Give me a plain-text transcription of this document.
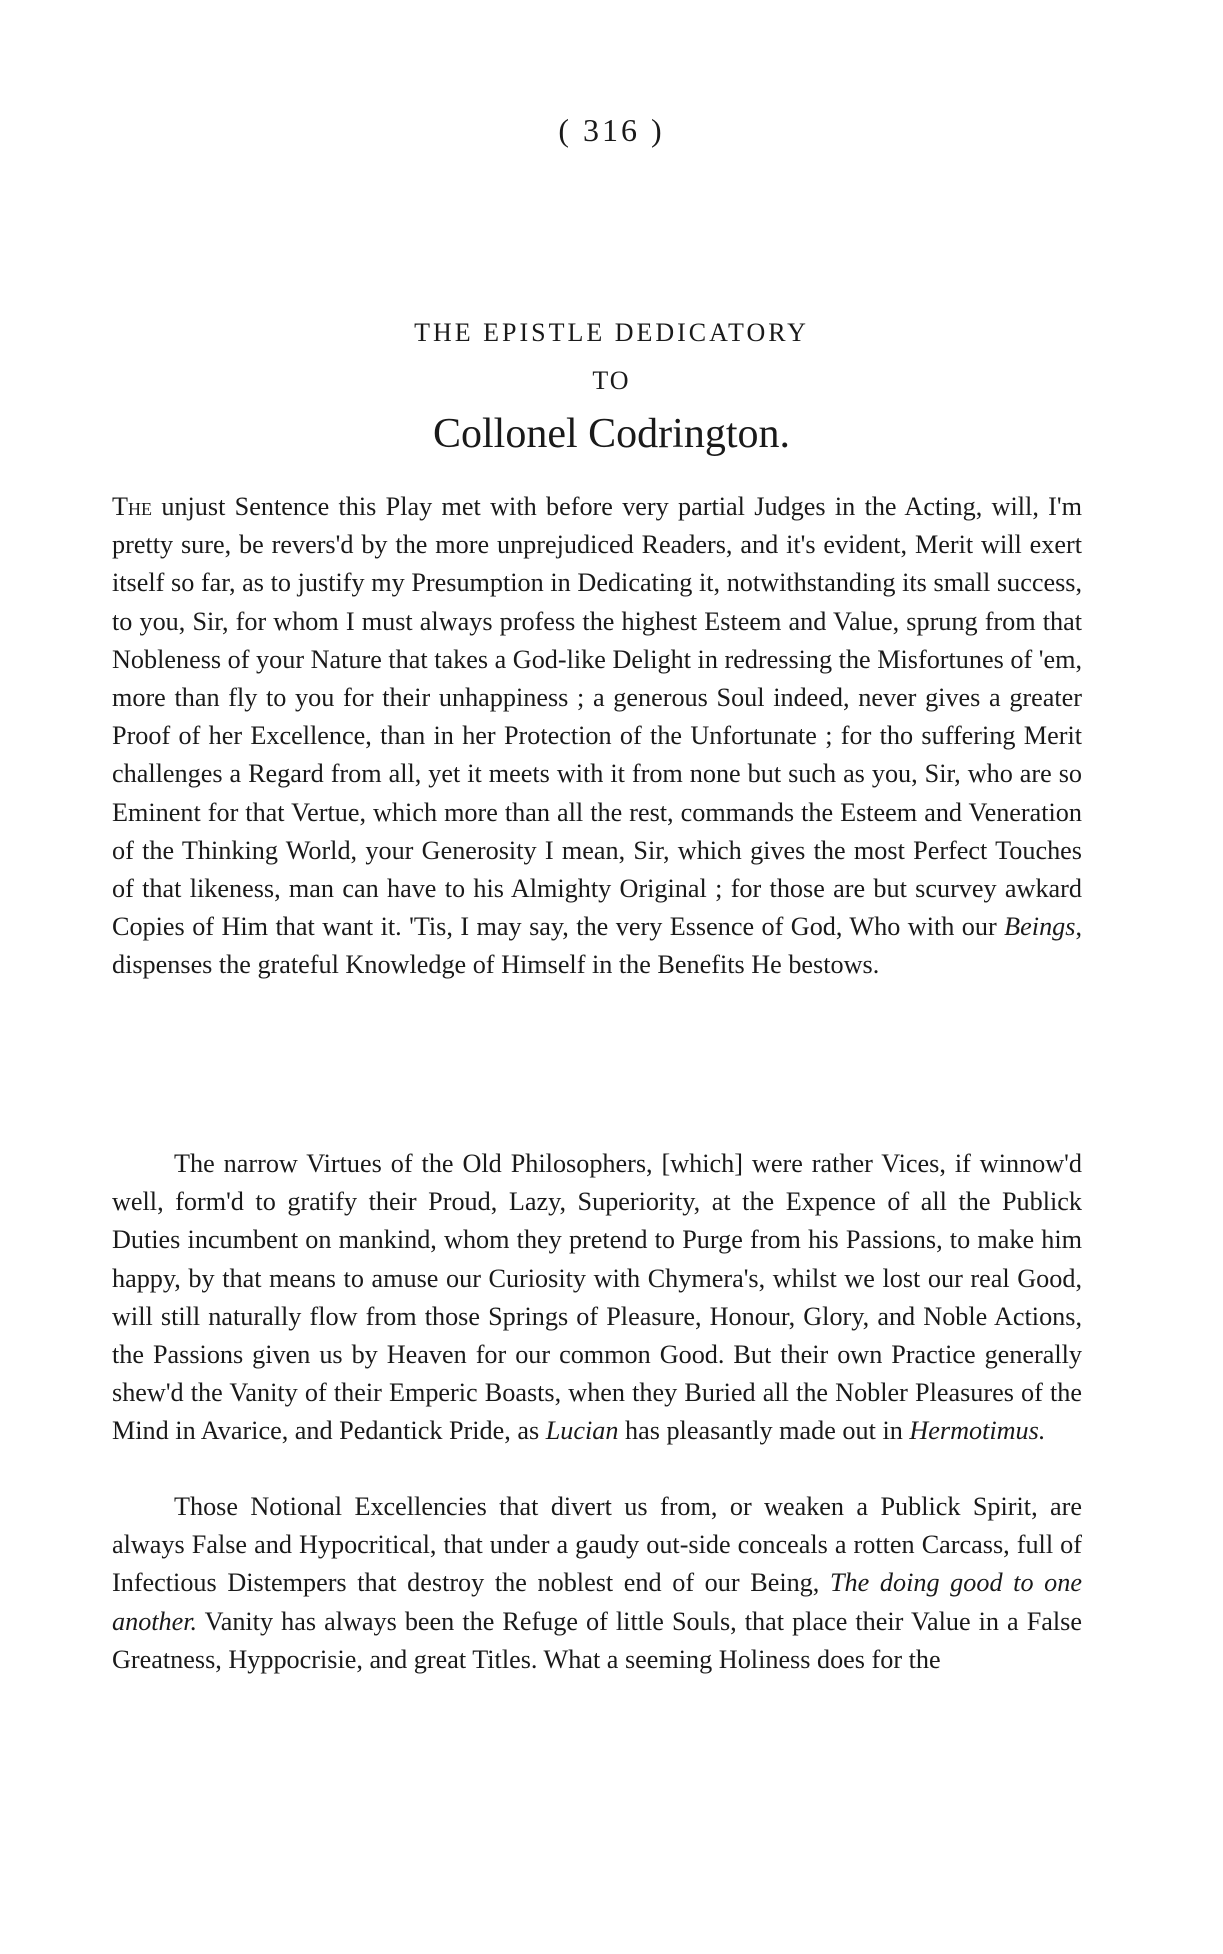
( 316 )
THE EPISTLE DEDICATORY
TO
Collonel Codrington.

The unjust Sentence this Play met with before very partial Judges in the Acting, will, I'm pretty sure, be revers'd by the more unprejudiced Readers, and it's evident, Merit will exert itself so far, as to justify my Presumption in Dedicating it, notwithstanding its small success, to you, Sir, for whom I must always profess the highest Esteem and Value, sprung from that Nobleness of your Nature that takes a God-like Delight in redressing the Misfortunes of 'em, more than fly to you for their unhappiness ; a generous Soul indeed, never gives a greater Proof of her Excellence, than in her Protection of the Unfortunate ; for tho suffering Merit challenges a Regard from all, yet it meets with it from none but such as you, Sir, who are so Eminent for that Vertue, which more than all the rest, commands the Esteem and Veneration of the Thinking World, your Generosity I mean, Sir, which gives the most Perfect Touches of that likeness, man can have to his Almighty Original ; for those are but scurvey awkard Copies of Him that want it. 'Tis, I may say, the very Essence of God, Who with our Beings, dispenses the grateful Knowledge of Himself in the Benefits He bestows.

The narrow Virtues of the Old Philosophers, [which] were rather Vices, if winnow'd well, form'd to gratify their Proud, Lazy, Superiority, at the Expence of all the Publick Duties incumbent on mankind, whom they pretend to Purge from his Passions, to make him happy, by that means to amuse our Curiosity with Chymera's, whilst we lost our real Good, will still naturally flow from those Springs of Pleasure, Honour, Glory, and Noble Actions, the Passions given us by Heaven for our common Good. But their own Practice generally shew'd the Vanity of their Emperic Boasts, when they Buried all the Nobler Pleasures of the Mind in Avarice, and Pedantick Pride, as Lucian has pleasantly made out in Hermotimus.

Those Notional Excellencies that divert us from, or weaken a Publick Spirit, are always False and Hypocritical, that under a gaudy out-side conceals a rotten Carcass, full of Infectious Distempers that destroy the noblest end of our Being, The doing good to one another. Vanity has always been the Refuge of little Souls, that place their Value in a False Greatness, Hyppocrisie, and great Titles. What a seeming Holiness does for the
